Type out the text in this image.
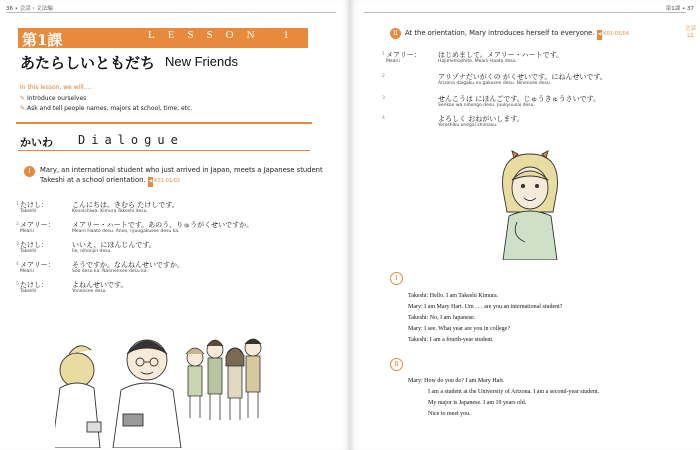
36 • 会話・文法編
第1課	LESSON 1
あたらしいともだち New Friends
In this lesson, we will....
✎ Introduce ourselves
✎ Ask and tell people names, majors at school, time, etc.
かいわ Dialogue
I	Mary, an international student who just arrived in Japan, meets a Japanese student
Takeshi at a school orientation. ◀ K01-01/02
1 たけし：	こんにちは。きむら たけしです。
Takeshi	Konnichiwa. Kimura Takeshi desu.
2 メアリー： メアリー・ハートです。あのう、りゅうがくせいですか。
Mearii	Mearii Haato desu. Anoo, ryuugakusee desu ka.
3 たけし：	いいえ、にほんじんです。
Takeshi	Iie, nihonjin desu.
4 メアリー： そうですか。なんねんせいですか。
Mearii	Soo desu ka. Nannensee desu ka.
5 たけし：	よねんせいです。
Takeshi	Yonensee desu.
第1課 • 37
会話
L1
II	At the orientation, Mary introduces herself to everyone. ◀ K01-03/04
1 メアリー： はじめまして。メアリー・ハートです。
Mearii	Hajimemashite. Mearii Haato desu.
2	アリゾナだいがくの がくせいです。にねんせいです。
Arizona daigaku no gakusee desu. Ninensee desu.
3	せんこうは にほんごです。じゅうきゅうさいです。
Senkoo wa nihongo desu. Juukyuusai desu.
4	よろしく おねがいします。
Yoroshiku onegai shimasu.
I
Takeshi: Hello. I am Takeshi Kimura.
Mary: I am Mary Hart. Um . . . are you an international student?
Takeshi: No, I am Japanese.
Mary: I see. What year are you in college?
Takeshi: I am a fourth-year student.
II
Mary: How do you do? I am Mary Hart.
I am a student at the University of Arizona. I am a second-year student.
My major is Japanese. I am 19 years old.
Nice to meet you.
